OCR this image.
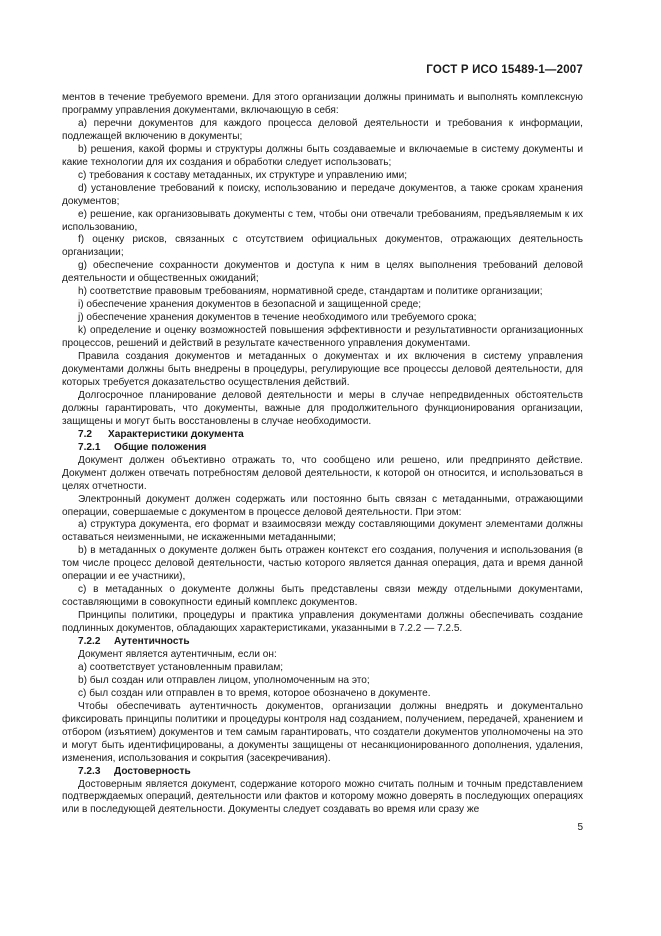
ГОСТ Р ИСО 15489-1—2007

ментов в течение требуемого времени. Для этого организации должны принимать и выполнять комплексную программу управления документами, включающую в себя:

а) перечни документов для каждого процесса деловой деятельности и требования к информации, подлежащей включению в документы;

b) решения, какой формы и структуры должны быть создаваемые и включаемые в систему документы и какие технологии для их создания и обработки следует использовать;

с) требования к составу метаданных, их структуре и управлению ими;

d) установление требований к поиску, использованию и передаче документов, а также срокам хранения документов;

е) решение, как организовывать документы с тем, чтобы они отвечали требованиям, предъявляемым к их использованию,

f) оценку рисков, связанных с отсутствием официальных документов, отражающих деятельность организации;

g) обеспечение сохранности документов и доступа к ним в целях выполнения требований деловой деятельности и общественных ожиданий;

h) соответствие правовым требованиям, нормативной среде, стандартам и политике организации;

i) обеспечение хранения документов в безопасной и защищенной среде;

j) обеспечение хранения документов в течение необходимого или требуемого срока;

k) определение и оценку возможностей повышения эффективности и результативности организационных процессов, решений и действий в результате качественного управления документами.

Правила создания документов и метаданных о документах и их включения в систему управления документами должны быть внедрены в процедуры, регулирующие все процессы деловой деятельности, для которых требуется доказательство осуществления действий.

Долгосрочное планирование деловой деятельности и меры в случае непредвиденных обстоятельств должны гарантировать, что документы, важные для продолжительного функционирования организации, защищены и могут быть восстановлены в случае необходимости.

7.2 Характеристики документа

7.2.1 Общие положения

Документ должен объективно отражать то, что сообщено или решено, или предпринято действие. Документ должен отвечать потребностям деловой деятельности, к которой он относится, и использоваться в целях отчетности.

Электронный документ должен содержать или постоянно быть связан с метаданными, отражающими операции, совершаемые с документом в процессе деловой деятельности. При этом:

а) структура документа, его формат и взаимосвязи между составляющими документ элементами должны оставаться неизменными, не искаженными метаданными;

b) в метаданных о документе должен быть отражен контекст его создания, получения и использования (в том числе процесс деловой деятельности, частью которого является данная операция, дата и время данной операции и ее участники),

с) в метаданных о документе должны быть представлены связи между отдельными документами, составляющими в совокупности единый комплекс документов.

Принципы политики, процедуры и практика управления документами должны обеспечивать создание подлинных документов, обладающих характеристиками, указанными в 7.2.2 — 7.2.5.

7.2.2 Аутентичность

Документ является аутентичным, если он:

а) соответствует установленным правилам;

b) был создан или отправлен лицом, уполномоченным на это;

с) был создан или отправлен в то время, которое обозначено в документе.

Чтобы обеспечивать аутентичность документов, организации должны внедрять и документально фиксировать принципы политики и процедуры контроля над созданием, получением, передачей, хранением и отбором (изъятием) документов и тем самым гарантировать, что создатели документов уполномочены на это и могут быть идентифицированы, а документы защищены от несанкционированного дополнения, удаления, изменения, использования и сокрытия (засекречивания).

7.2.3 Достоверность

Достоверным является документ, содержание которого можно считать полным и точным представлением подтверждаемых операций, деятельности или фактов и которому можно доверять в последующих операциях или в последующей деятельности. Документы следует создавать во время или сразу же

5
